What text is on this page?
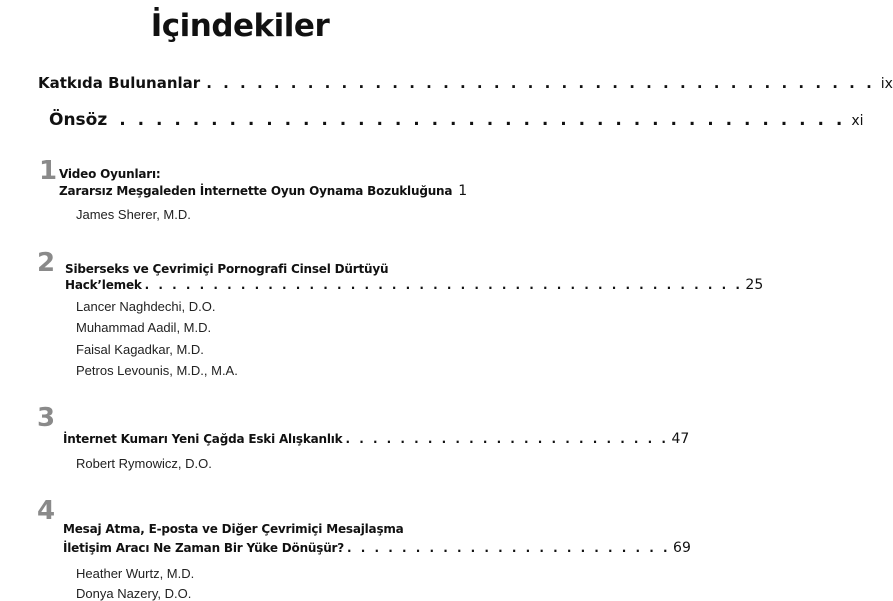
İçindekiler
Katkıda Bulunanlar . . . . . . . . . . . . . . . . . . . . . . . . . . . . . . . . . . . . . . . . ix
Önsöz . . . . . . . . . . . . . . . . . . . . . . . . . . . . . . . . . . . . . . . . xi
1 Video Oyunları:
Zararsız Meşgaleden İnternette Oyun Oynama Bozukluğuna 1
James Sherer, M.D.
2 Siberseks ve Çevrimiçi Pornografi Cinsel Dürtüyü
Hack’lemek . . . . . . . . . . . . . . . . . . . . . . . . . . . . . . . . . . . . . . . . . . . . 25
Lancer Naghdechi, D.O.
Muhammad Aadil, M.D.
Faisal Kagadkar, M.D.
Petros Levounis, M.D., M.A.
3
İnternet Kumarı Yeni Çağda Eski Alışkanlık . . . . . . . . . . . . . . . . . . . . . . . . 47
Robert Rymowicz, D.O.
4
Mesaj Atma, E-posta ve Diğer Çevrimiçi Mesajlaşma
İletişim Aracı Ne Zaman Bir Yüke Dönüşür? . . . . . . . . . . . . . . . . . . . . . . . . 69
Heather Wurtz, M.D.
Donya Nazery, D.O.
